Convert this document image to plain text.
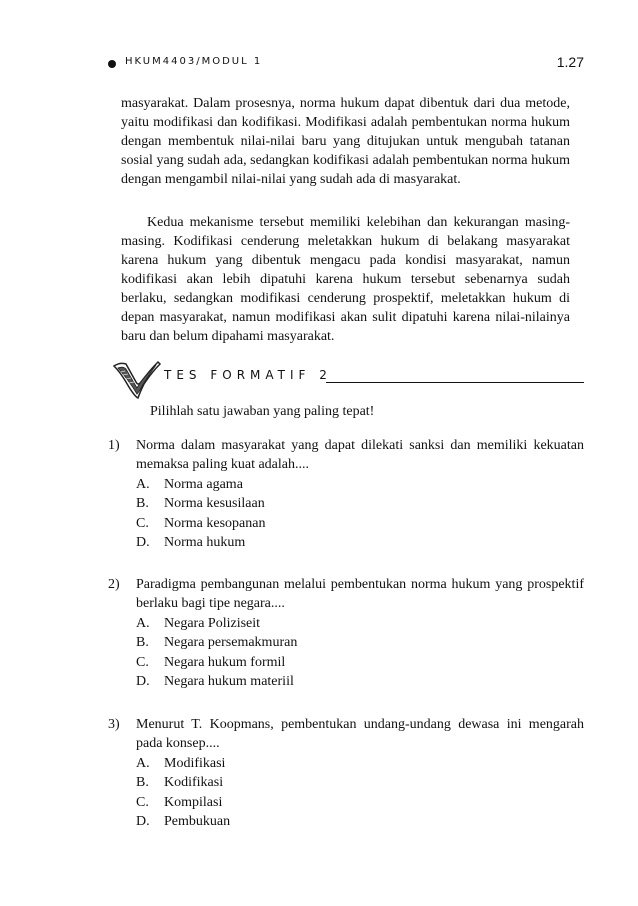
HKUM4403/MODUL 1	1.27

masyarakat. Dalam prosesnya, norma hukum dapat dibentuk dari dua metode, yaitu modifikasi dan kodifikasi. Modifikasi adalah pembentukan norma hukum dengan membentuk nilai-nilai baru yang ditujukan untuk mengubah tatanan sosial yang sudah ada, sedangkan kodifikasi adalah pembentukan norma hukum dengan mengambil nilai-nilai yang sudah ada di masyarakat.

Kedua mekanisme tersebut memiliki kelebihan dan kekurangan masing-masing. Kodifikasi cenderung meletakkan hukum di belakang masyarakat karena hukum yang dibentuk mengacu pada kondisi masyarakat, namun kodifikasi akan lebih dipatuhi karena hukum tersebut sebenarnya sudah berlaku, sedangkan modifikasi cenderung prospektif, meletakkan hukum di depan masyarakat, namun modifikasi akan sulit dipatuhi karena nilai-nilainya baru dan belum dipahami masyarakat.

TES FORMATIF 2
Pilihlah satu jawaban yang paling tepat!
1)	Norma dalam masyarakat yang dapat dilekati sanksi dan memiliki kekuatan memaksa paling kuat adalah....
A.	Norma agama
B.	Norma kesusilaan
C.	Norma kesopanan
D.	Norma hukum
2)	Paradigma pembangunan melalui pembentukan norma hukum yang prospektif berlaku bagi tipe negara....
A.	Negara Poliziseit
B.	Negara persemakmuran
C.	Negara hukum formil
D.	Negara hukum materiil
3)	Menurut T. Koopmans, pembentukan undang-undang dewasa ini mengarah pada konsep....
A.	Modifikasi
B.	Kodifikasi
C.	Kompilasi
D.	Pembukuan
